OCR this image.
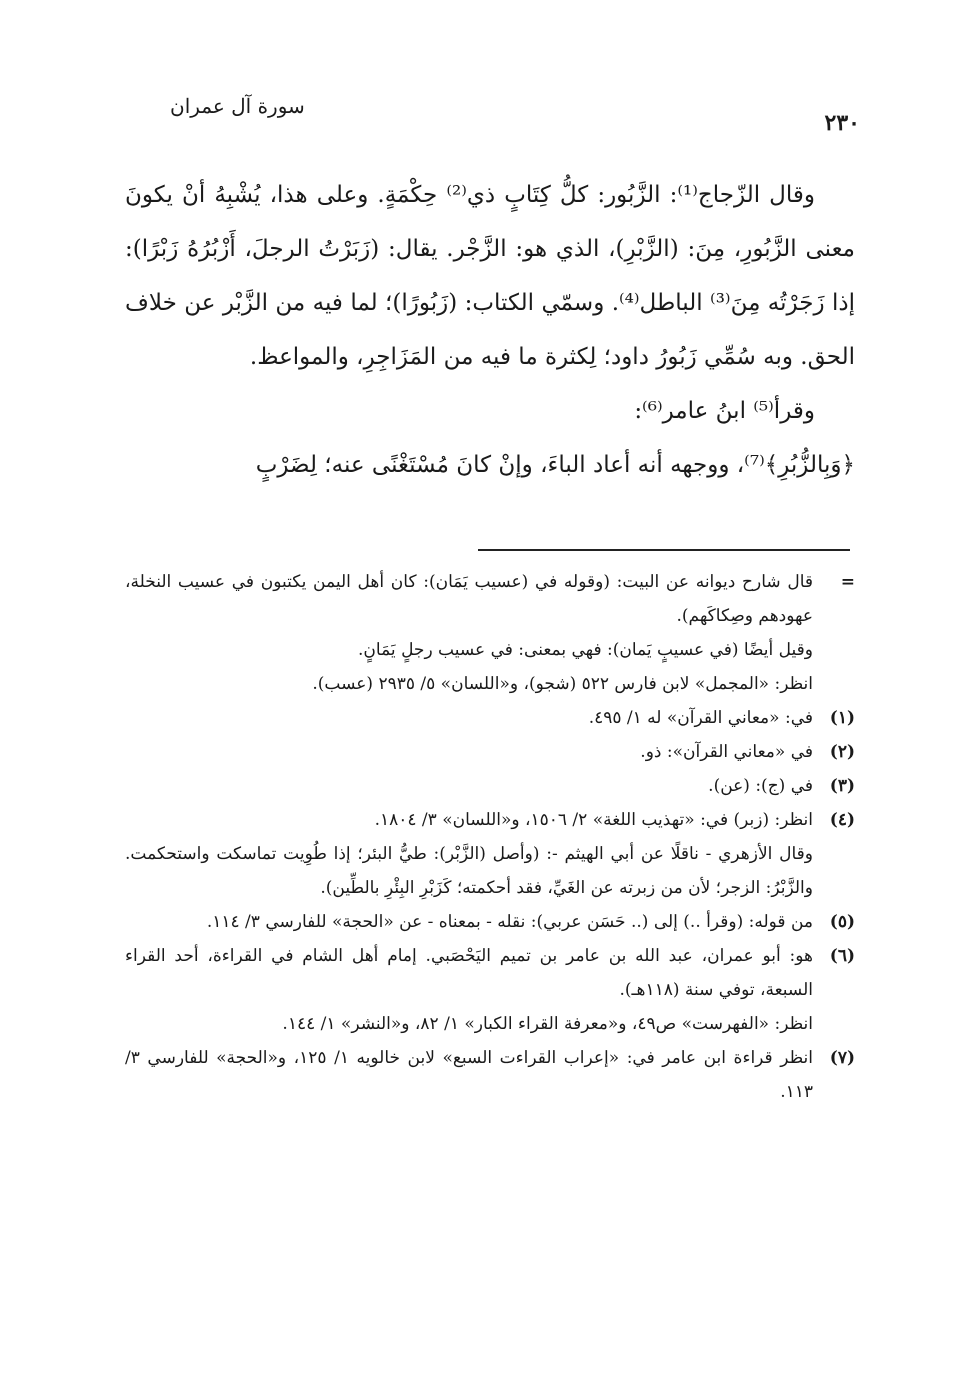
سورة آل عمران
٢٣٠

وقال الزّجاج⁽¹⁾: الزَّبُور: كلُّ كِتَابٍ ذي⁽²⁾ حِكْمَةٍ. وعلى هذا، يُشْبِهُ أنْ يكونَ معنى الزَّبُورِ، مِنَ: (الزَّبْرِ)، الذي هو: الزَّجْر. يقال: (زَبَرْتُ الرجلَ، أَزْبُرُهُ زَبْرًا): إذا زَجَرْتُه مِنَ⁽³⁾ الباطل⁽⁴⁾. وسمّي الكتاب: (زَبُورًا)؛ لما فيه من الزَّبْر عن خلاف الحق. وبه سُمِّي زَبُورُ داود؛ لِكثرة ما فيه من المَزَاجِرِ، والمواعظ.

وقرأ⁽⁵⁾ ابنُ عامر⁽⁶⁾:

﴿وَبِالزُّبُرِ﴾⁽⁷⁾، ووجهه أنه أعاد الباءَ، وإنْ كانَ مُسْتَغْنًى عنه؛ لِضَرْبٍ

=
قال شارح ديوانه عن البيت: (وقوله في (عسيب يَمَان): كان أهل اليمن يكتبون في عسيب النخلة، عهودهم وصِكاكَهم).
وقيل أيضًا (في عسيبٍ يَمان): فهي بمعنى: في عسيب رجلٍ يَمَانٍ.
انظر: «المجمل» لابن فارس ٥٢٢ (شجو)، و«اللسان» ٥/ ٢٩٣٥ (عسب).
(١)
في: «معاني القرآن» له ١/ ٤٩٥.
(٢)
في «معاني القرآن»: ذو.
(٣)
في (ج): (عن).
(٤)
انظر: (زبر) في: «تهذيب اللغة» ٢/ ١٥٠٦، و«اللسان» ٣/ ١٨٠٤.
وقال الأزهري - ناقلًا عن أبي الهيثم -: (وأصل (الزَّبْر): طيُّ البئر؛ إذا طُوِيت تماسكت واستحكمت. والزَّبْرُ: الزجر؛ لأن من زبرته عن الغَيِّ، فقد أحكمته؛ كَزَبْرِ البِئْرِ بالطِّين).
(٥)
من قوله: (وقرأ ..) إلى (.. حَسَن عربي): نقله - بمعناه - عن «الحجة» للفارسي ٣/ ١١٤.
(٦)
هو: أبو عمران، عبد الله بن عامر بن تميم اليَحْصَبي. إمام أهل الشام في القراءة، أحد القراء السبعة، توفي سنة (١١٨هـ).
انظر: «الفهرست» ص٤٩، و«معرفة القراء الكبار» ١/ ٨٢، و«النشر» ١/ ١٤٤.
(٧)
انظر قراءة ابن عامر في: «إعراب القراءت السبع» لابن خالويه ١/ ١٢٥، و«الحجة» للفارسي ٣/ ١١٣.
